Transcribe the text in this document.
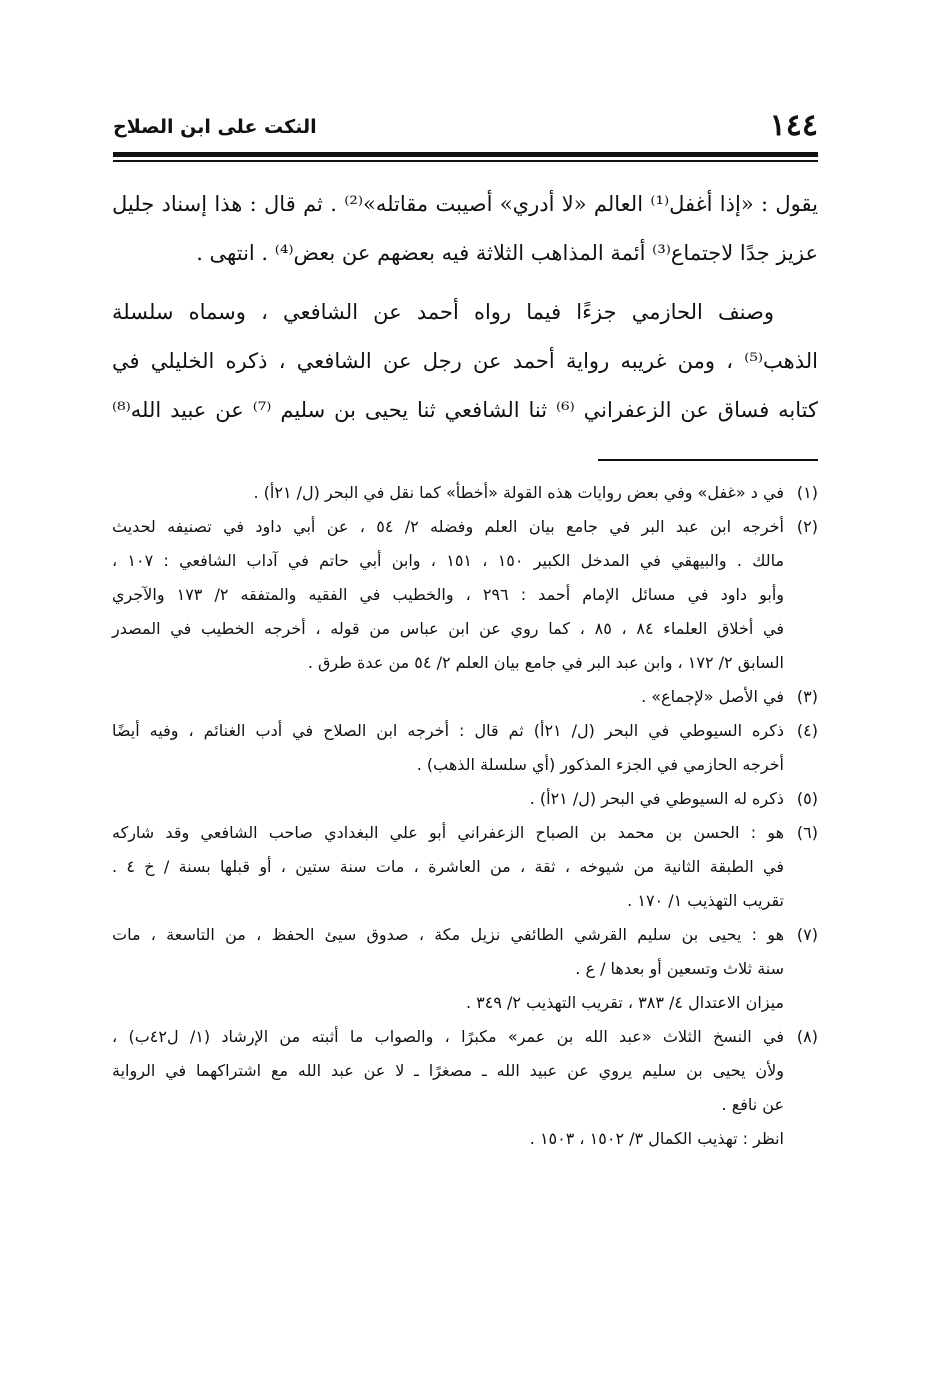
١٤٤
النكت على ابن الصلاح
يقول : «إذا أغفل⁽¹⁾ العالم «لا أدري» أصيبت مقاتله»⁽²⁾ . ثم قال : هذا إسناد جليل
عزيز جدًا لاجتماع⁽³⁾ أئمة المذاهب الثلاثة فيه بعضهم عن بعض⁽⁴⁾ . انتهى .
وصنف الحازمي جزءًا فيما رواه أحمد عن الشافعي ، وسماه سلسلة
الذهب⁽⁵⁾ ، ومن غريبه رواية أحمد عن رجل عن الشافعي ، ذكره الخليلي في
كتابه فساق عن الزعفراني ⁽⁶⁾ ثنا الشافعي ثنا يحيى بن سليم ⁽⁷⁾ عن عبيد الله⁽⁸⁾
(١)
في د «غفل» وفي بعض روايات هذه القولة «أخطأ» كما نقل في البحر (ل/ ٢١أ) .
(٢)
أخرجه ابن عبد البر في جامع بيان العلم وفضله ٢/ ٥٤ ، عن أبي داود في تصنيفه لحديث
مالك . والبيهقي في المدخل الكبير ١٥٠ ، ١٥١ ، وابن أبي حاتم في آداب الشافعي : ١٠٧ ،
وأبو داود في مسائل الإمام أحمد : ٢٩٦ ، والخطيب في الفقيه والمتفقه ٢/ ١٧٣ والآجري
في أخلاق العلماء ٨٤ ، ٨٥ ، كما روي عن ابن عباس من قوله ، أخرجه الخطيب في المصدر
السابق ٢/ ١٧٢ ، وابن عبد البر في جامع بيان العلم ٢/ ٥٤ من عدة طرق .
(٣)
في الأصل «لإجماع» .
(٤)
ذكره السيوطي في البحر (ل/ ٢١أ) ثم قال : أخرجه ابن الصلاح في أدب الغنائم ، وفيه أيضًا
أخرجه الحازمي في الجزء المذكور (أي سلسلة الذهب) .
(٥)
ذكره له السيوطي في البحر (ل/ ٢١أ) .
(٦)
هو : الحسن بن محمد بن الصباح الزعفراني أبو علي البغدادي صاحب الشافعي وقد شاركه
في الطبقة الثانية من شيوخه ، ثقة ، من العاشرة ، مات سنة ستين ، أو قبلها بسنة / خ ٤ .
تقريب التهذيب ١/ ١٧٠ .
(٧)
هو : يحيى بن سليم القرشي الطائفي نزيل مكة ، صدوق سيئ الحفظ ، من التاسعة ، مات
سنة ثلاث وتسعين أو بعدها / ع .
ميزان الاعتدال ٤/ ٣٨٣ ، تقريب التهذيب ٢/ ٣٤٩ .
(٨)
في النسخ الثلاث «عبد الله بن عمر» مكبرًا ، والصواب ما أثبته من الإرشاد (١/ ل٤٢ب) ،
ولأن يحيى بن سليم يروي عن عبيد الله ـ مصغرًا ـ لا عن عبد الله مع اشتراكهما في الرواية
عن نافع .
انظر : تهذيب الكمال ٣/ ١٥٠٢ ، ١٥٠٣ .
